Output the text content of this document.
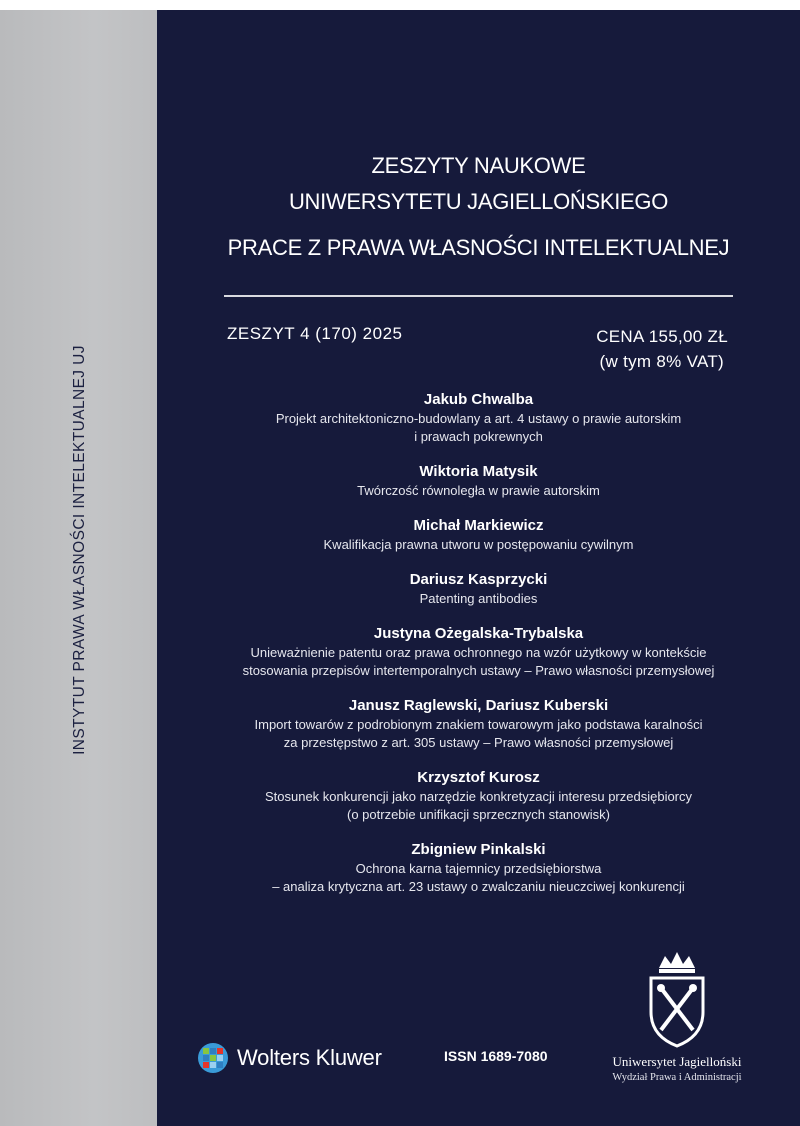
INSTYTUT PRAWA WŁASNOŚCI INTELEKTUALNEJ UJ
ZESZYTY NAUKOWE
UNIWERSYTETU JAGIELLOŃSKIEGO
PRACE Z PRAWA WŁASNOŚCI INTELEKTUALNEJ
ZESZYT 4 (170) 2025	CENA 155,00 ZŁ
(w tym 8% VAT)
Jakub Chwalba
Projekt architektoniczno-budowlany a art. 4 ustawy o prawie autorskim
i prawach pokrewnych
Wiktoria Matysik
Twórczość równoległa w prawie autorskim
Michał Markiewicz
Kwalifikacja prawna utworu w postępowaniu cywilnym
Dariusz Kasprzycki
Patenting antibodies
Justyna Ożegalska-Trybalska
Unieważnienie patentu oraz prawa ochronnego na wzór użytkowy w kontekście
stosowania przepisów intertemporalnych ustawy – Prawo własności przemysłowej
Janusz Raglewski, Dariusz Kuberski
Import towarów z podrobionym znakiem towarowym jako podstawa karalności
za przestępstwo z art. 305 ustawy – Prawo własności przemysłowej
Krzysztof Kurosz
Stosunek konkurencji jako narzędzie konkretyzacji interesu przedsiębiorcy
(o potrzebie unifikacji sprzecznych stanowisk)
Zbigniew Pinkalski
Ochrona karna tajemnicy przedsiębiorstwa
– analiza krytyczna art. 23 ustawy o zwalczaniu nieuczciwej konkurencji
Wolters Kluwer	ISSN 1689-7080	Uniwersytet Jagielloński
Wydział Prawa i Administracji
